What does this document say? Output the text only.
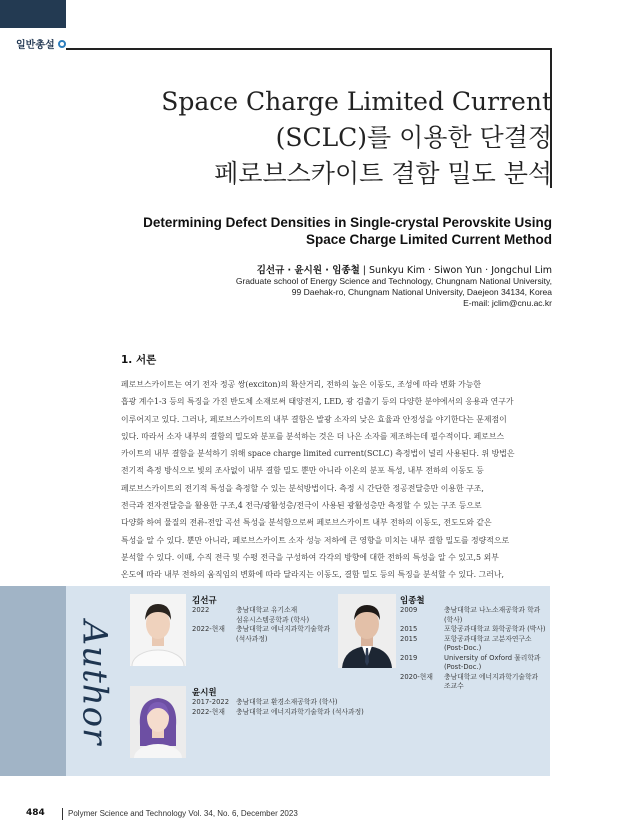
일반총설
Space Charge Limited Current
(SCLC)를 이용한 단결정
페로브스카이트 결함 밀도 분석
Determining Defect Densities in Single-crystal Perovskite Using
Space Charge Limited Current Method
김선규 · 윤시원 · 임종철 | Sunkyu Kim · Siwon Yun · Jongchul Lim
Graduate school of Energy Science and Technology, Chungnam National University,
99 Daehak-ro, Chungnam National University, Daejeon 34134, Korea
E-mail: jclim@cnu.ac.kr
1. 서론
페로브스카이트는 여기 전자 정공 쌍(exciton)의 확산거리, 전하의 높은 이동도, 조성에 따라 변화 가능한
흡광 계수1-3 등의 특징을 가진 반도체 소재로써 태양전지, LED, 광 검출기 등의 다양한 분야에서의 응용과 연구가
이루어지고 있다. 그러나, 페로브스카이트의 내부 결함은 발광 소자의 낮은 효율과 안정성을 야기한다는 문제점이
있다. 따라서 소자 내부의 결함의 밀도와 분포를 분석하는 것은 더 나은 소자를 제조하는데 필수적이다. 페로브스
카이트의 내부 결함을 분석하기 위해 space charge limited current(SCLC) 측정법이 널리 사용된다. 위 방법은
전기적 측정 방식으로 빛의 조사없이 내부 결함 밀도 뿐만 아니라 이온의 분포 특성, 내부 전하의 이동도 등
페로브스카이트의 전기적 특성을 측정할 수 있는 분석방법이다. 측정 시 간단한 정공전달층만 이용한 구조,
전극과 전자전달층을 활용한 구조,4 전극/광활성층/전극이 사용된 광활성층만 측정할 수 있는 구조 등으로
다양화 하여 물질의 전류-전압 곡선 특성을 분석함으로써 페로브스카이트 내부 전하의 이동도, 전도도와 같은
특성을 알 수 있다. 뿐만 아니라, 페로브스카이트 소자 성능 저하에 큰 영향을 미치는 내부 결함 밀도를 정량적으로
분석할 수 있다. 이때, 수직 전극 및 수평 전극을 구성하여 각각의 방향에 대한 전하의 특성을 알 수 있고,5 외부
온도에 따라 내부 전하의 움직임의 변화에 따라 달라지는 이동도, 결함 밀도 등의 특징을 분석할 수 있다. 그러나,
Author
김선규
2022	충남대학교 유기소재
섬유시스템공학과 (학사)
2022-현재	충남대학교 에너지과학기술학과
(석사과정)
임종철
2009	충남대학교 나노소재공학과 학과
(학사)
2015	포항공과대학교 화학공학과 (박사)
2015	포항공과대학교 고분자연구소
(Post-Doc.)
2019	University of Oxford 물리학과
(Post-Doc.)
2020-현재	충남대학교 에너지과학기술학과
조교수
윤시원
2017-2022	충남대학교 환경소재공학과 (학사)
2022-현재	충남대학교 에너지과학기술학과 (석사과정)
484	Polymer Science and Technology Vol. 34, No. 6, December 2023
